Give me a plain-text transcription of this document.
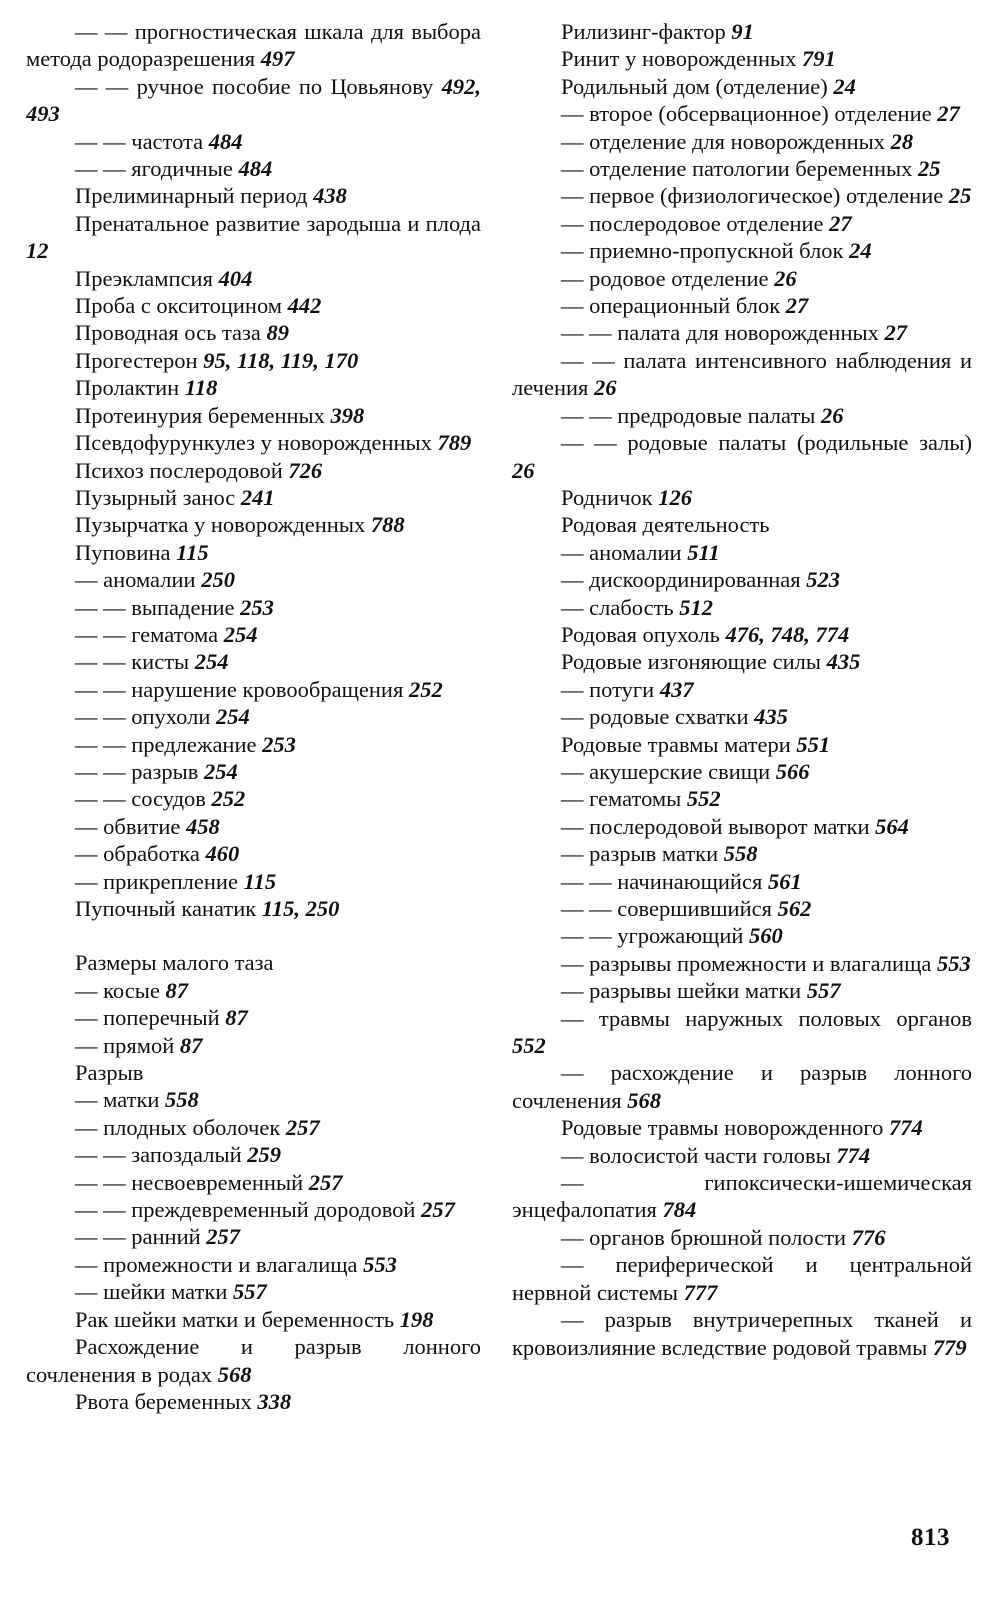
— — прогностическая шкала для выбора метода родоразрешения 497

— — ручное пособие по Цовьянову 492, 493

— — частота 484

— — ягодичные 484

Прелиминарный период 438

Пренатальное развитие зародыша и плода 12

Преэклампсия 404

Проба с окситоцином 442

Проводная ось таза 89

Прогестерон 95, 118, 119, 170

Пролактин 118

Протеинурия беременных 398

Псевдофурункулез у новорожденных 789

Психоз послеродовой 726

Пузырный занос 241

Пузырчатка у новорожденных 788

Пуповина 115

— аномалии 250

— — выпадение 253

— — гематома 254

— — кисты 254

— — нарушение кровообращения 252

— — опухоли 254

— — предлежание 253

— — разрыв 254

— — сосудов 252

— обвитие 458

— обработка 460

— прикрепление 115

Пупочный канатик 115, 250

Размеры малого таза

— косые 87

— поперечный 87

— прямой 87

Разрыв

— матки 558

— плодных оболочек 257

— — запоздалый 259

— — несвоевременный 257

— — преждевременный дородовой 257

— — ранний 257

— промежности и влагалища 553

— шейки матки 557

Рак шейки матки и беременность 198

Расхождение и разрыв лонного сочленения в родах 568

Рвота беременных 338

Рилизинг-фактор 91

Ринит у новорожденных 791

Родильный дом (отделение) 24

— второе (обсервационное) отделение 27

— отделение для новорожденных 28

— отделение патологии беременных 25

— первое (физиологическое) отделение 25

— послеродовое отделение 27

— приемно-пропускной блок 24

— родовое отделение 26

— операционный блок 27

— — палата для новорожденных 27

— — палата интенсивного наблюдения и лечения 26

— — предродовые палаты 26

— — родовые палаты (родильные залы) 26

Родничок 126

Родовая деятельность

— аномалии 511

— дискоординированная 523

— слабость 512

Родовая опухоль 476, 748, 774

Родовые изгоняющие силы 435

— потуги 437

— родовые схватки 435

Родовые травмы матери 551

— акушерские свищи 566

— гематомы 552

— послеродовой выворот матки 564

— разрыв матки 558

— — начинающийся 561

— — совершившийся 562

— — угрожающий 560

— разрывы промежности и влагалища 553

— разрывы шейки матки 557

— травмы наружных половых органов 552

— расхождение и разрыв лонного сочленения 568

Родовые травмы новорожденного 774

— волосистой части головы 774

— гипоксически-ишемическая энцефалопатия 784

— органов брюшной полости 776

— периферической и центральной нервной системы 777

— разрыв внутричерепных тканей и кровоизлияние вследствие родовой травмы 779

813
